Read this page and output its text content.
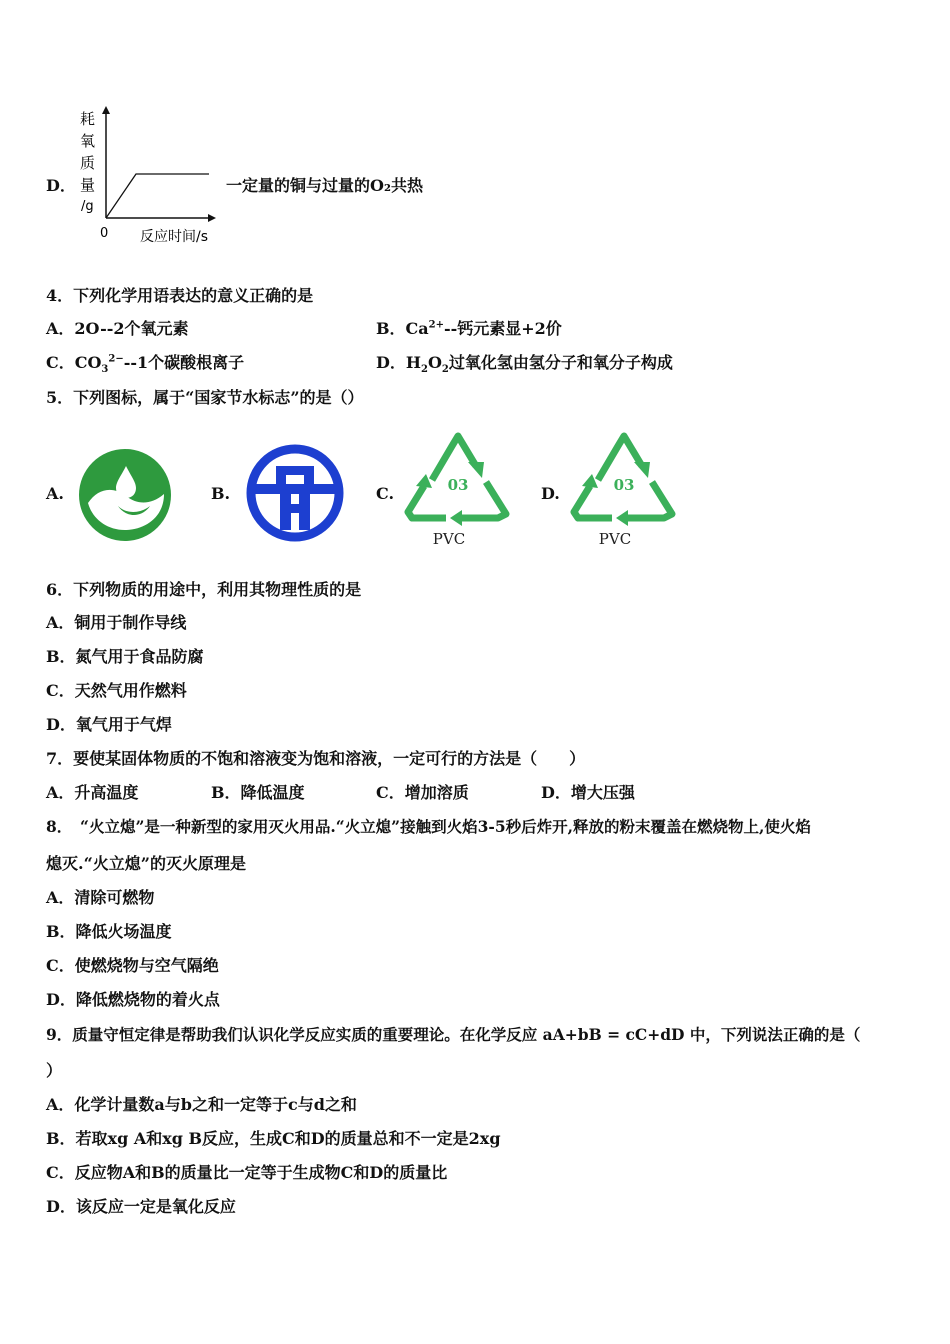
D．
耗
氧
质
量
/g
0 反应时间/s
一定量的铜与过量的O₂共热
4．下列化学用语表达的意义正确的是
A．2O--2个氧元素	B．$Ca^{2+}--$钙元素显+2价
C．$CO_3^{2-}--1$个碳酸根离子	D．$H_2O_2$过氧化氢由氢分子和氧分子构成
5．下列图标，属于“国家节水标志”的是（）
A.	B.	C.	03
PVC
D.	03
PVC
6．下列物质的用途中，利用其物理性质的是
A．铜用于制作导线
B．氮气用于食品防腐
C．天然气用作燃料
D．氧气用于气焊
7．要使某固体物质的不饱和溶液变为饱和溶液，一定可行的方法是（　　）
A．升高温度	B．降低温度	C．增加溶质	D．增大压强
8．　“火立熄”是一种新型的家用灭火用品.“火立熄”接触到火焰3-5秒后炸开,释放的粉末覆盖在燃烧物上,使火焰
熄灭.“火立熄”的灭火原理是
A．清除可燃物
B．降低火场温度
C．使燃烧物与空气隔绝
D．降低燃烧物的着火点
9．质量守恒定律是帮助我们认识化学反应实质的重要理论。在化学反应 aA+bB = cC+dD 中，下列说法正确的是（
）
A．化学计量数a与b之和一定等于c与d之和
B．若取xg A和xg B反应，生成C和D的质量总和不一定是2xg
C．反应物A和B的质量比一定等于生成物C和D的质量比
D．该反应一定是氧化反应
